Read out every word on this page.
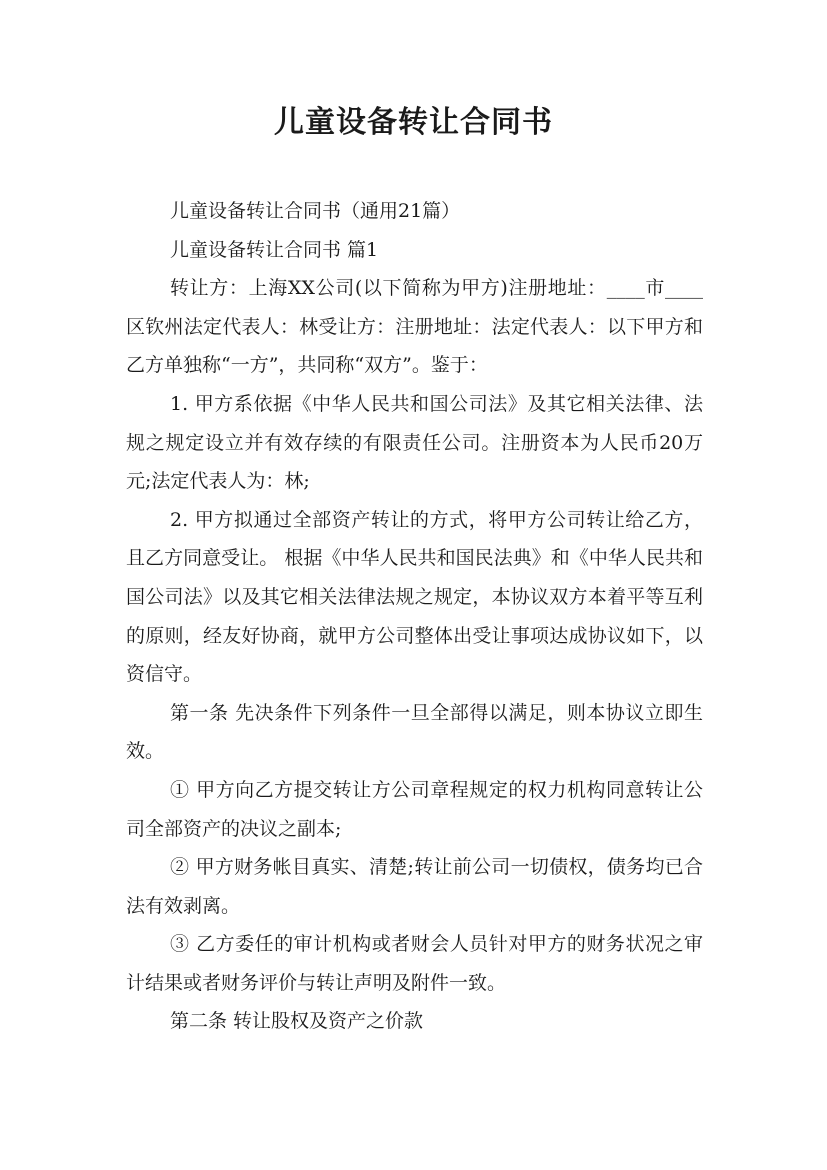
儿童设备转让合同书

儿童设备转让合同书（通用21篇）

儿童设备转让合同书 篇1

转让方：上海XX公司(以下简称为甲方)注册地址：____市____区钦州法定代表人：林受让方：注册地址：法定代表人：以下甲方和乙方单独称“一方”，共同称“双方”。鉴于：

1. 甲方系依据《中华人民共和国公司法》及其它相关法律、法规之规定设立并有效存续的有限责任公司。注册资本为人民币20万元;法定代表人为：林;

2. 甲方拟通过全部资产转让的方式，将甲方公司转让给乙方，且乙方同意受让。 根据《中华人民共和国民法典》和《中华人民共和国公司法》以及其它相关法律法规之规定，本协议双方本着平等互利的原则，经友好协商，就甲方公司整体出受让事项达成协议如下，以资信守。

第一条 先决条件下列条件一旦全部得以满足，则本协议立即生效。

① 甲方向乙方提交转让方公司章程规定的权力机构同意转让公司全部资产的决议之副本;

② 甲方财务帐目真实、清楚;转让前公司一切债权，债务均已合法有效剥离。

③ 乙方委任的审计机构或者财会人员针对甲方的财务状况之审计结果或者财务评价与转让声明及附件一致。

第二条 转让股权及资产之价款
